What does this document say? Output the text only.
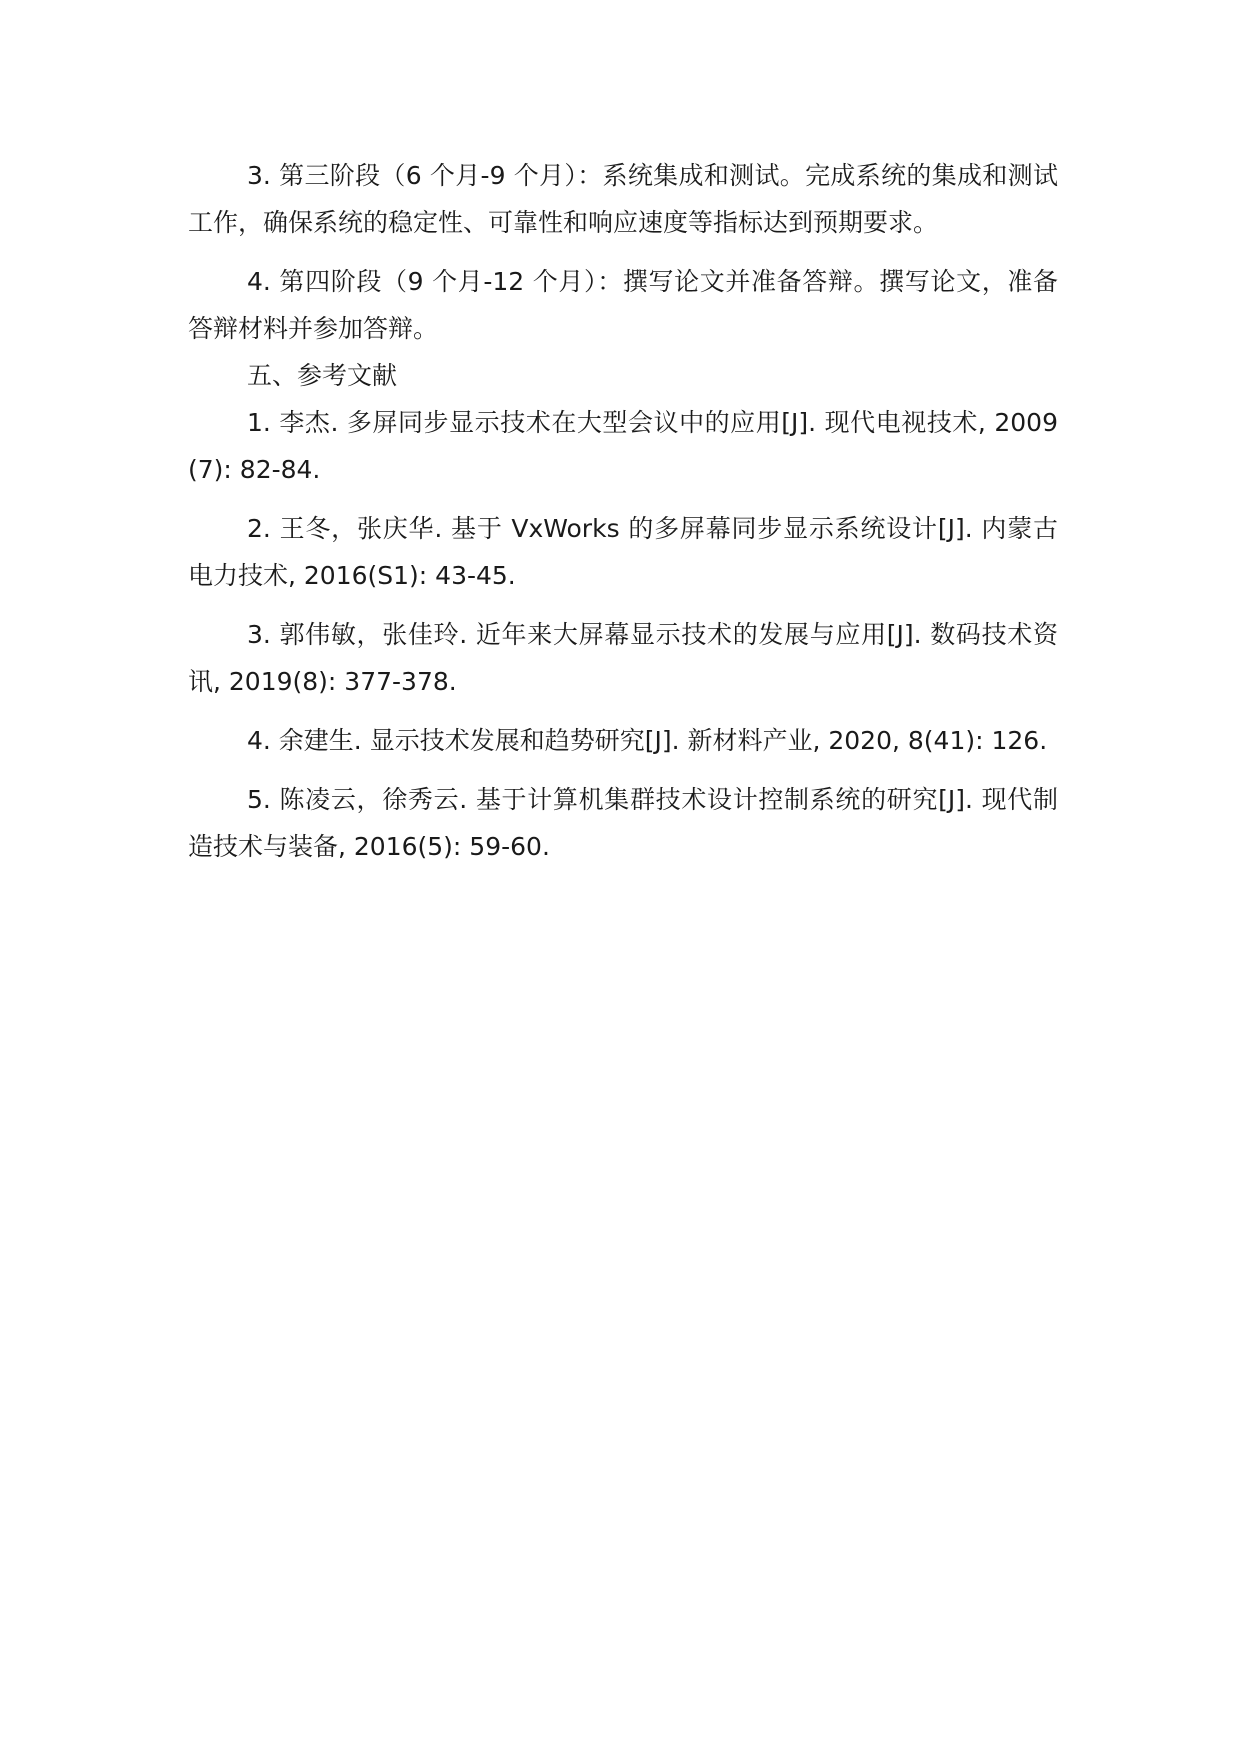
3. 第三阶段（6 个月-9 个月）：系统集成和测试。完成系统的集成和测试工作，确保系统的稳定性、可靠性和响应速度等指标达到预期要求。

4. 第四阶段（9 个月-12 个月）：撰写论文并准备答辩。撰写论文，准备答辩材料并参加答辩。

五、参考文献

1. 李杰. 多屏同步显示技术在大型会议中的应用[J]. 现代电视技术, 2009(7): 82-84.
2. 王冬，张庆华. 基于 VxWorks 的多屏幕同步显示系统设计[J]. 内蒙古电力技术, 2016(S1): 43-45.
3. 郭伟敏，张佳玲. 近年来大屏幕显示技术的发展与应用[J]. 数码技术资讯, 2019(8): 377-378.
4. 余建生. 显示技术发展和趋势研究[J]. 新材料产业, 2020, 8(41): 126.
5. 陈凌云，徐秀云. 基于计算机集群技术设计控制系统的研究[J]. 现代制造技术与装备, 2016(5): 59-60.
